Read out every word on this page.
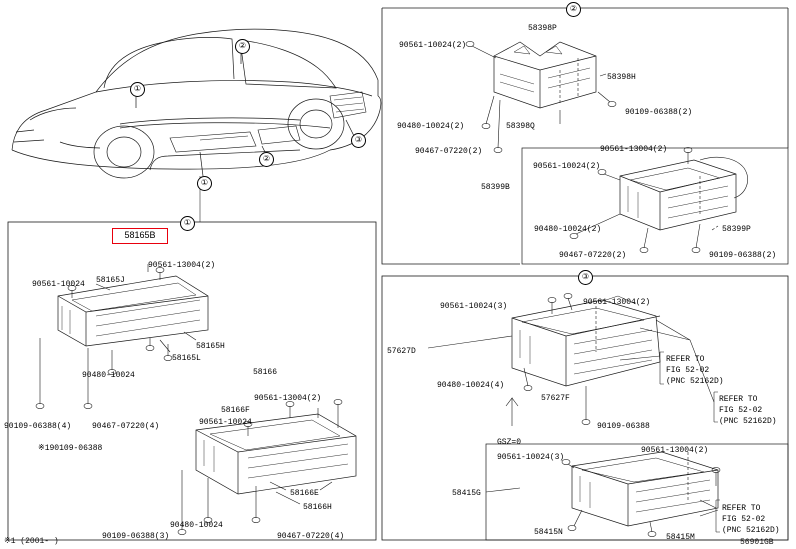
②
①
③
②
①
①
②
③
58165B
58398P
90561-10024(2)
58398H
90109-06388(2)
90480-10024(2)	58398Q
90467-07220(2)	90561-13004(2)
90561-10024(2)
58399B
90480-10024(2)	58399P
90467-07220(2)	90109-06388(2)
90561-13004(2)
58165J
90561-10024
58165H
58165L
58166
90480-10024
90561-13004(2)
58166F
90561-10024
90109-06388(4)	90467-07220(4)
※190109-06388
58166E
58166H
90480-10024
90109-06388(3)	90467-07220(4)
90561-10024(3)	90561-13004(2)
57627D
REFER TO
FIG 52-02
(PNC 52162D)
90480-10024(4)
57627F	REFER TO
FIG 52-02
(PNC 52162D)
90109-06388
GSZ=0
90561-13004(2)
90561-10024(3)
58415G
REFER TO
FIG 52-02
(PNC 52162D)
58415N
58415M
※1 (2001- )	56901GB
